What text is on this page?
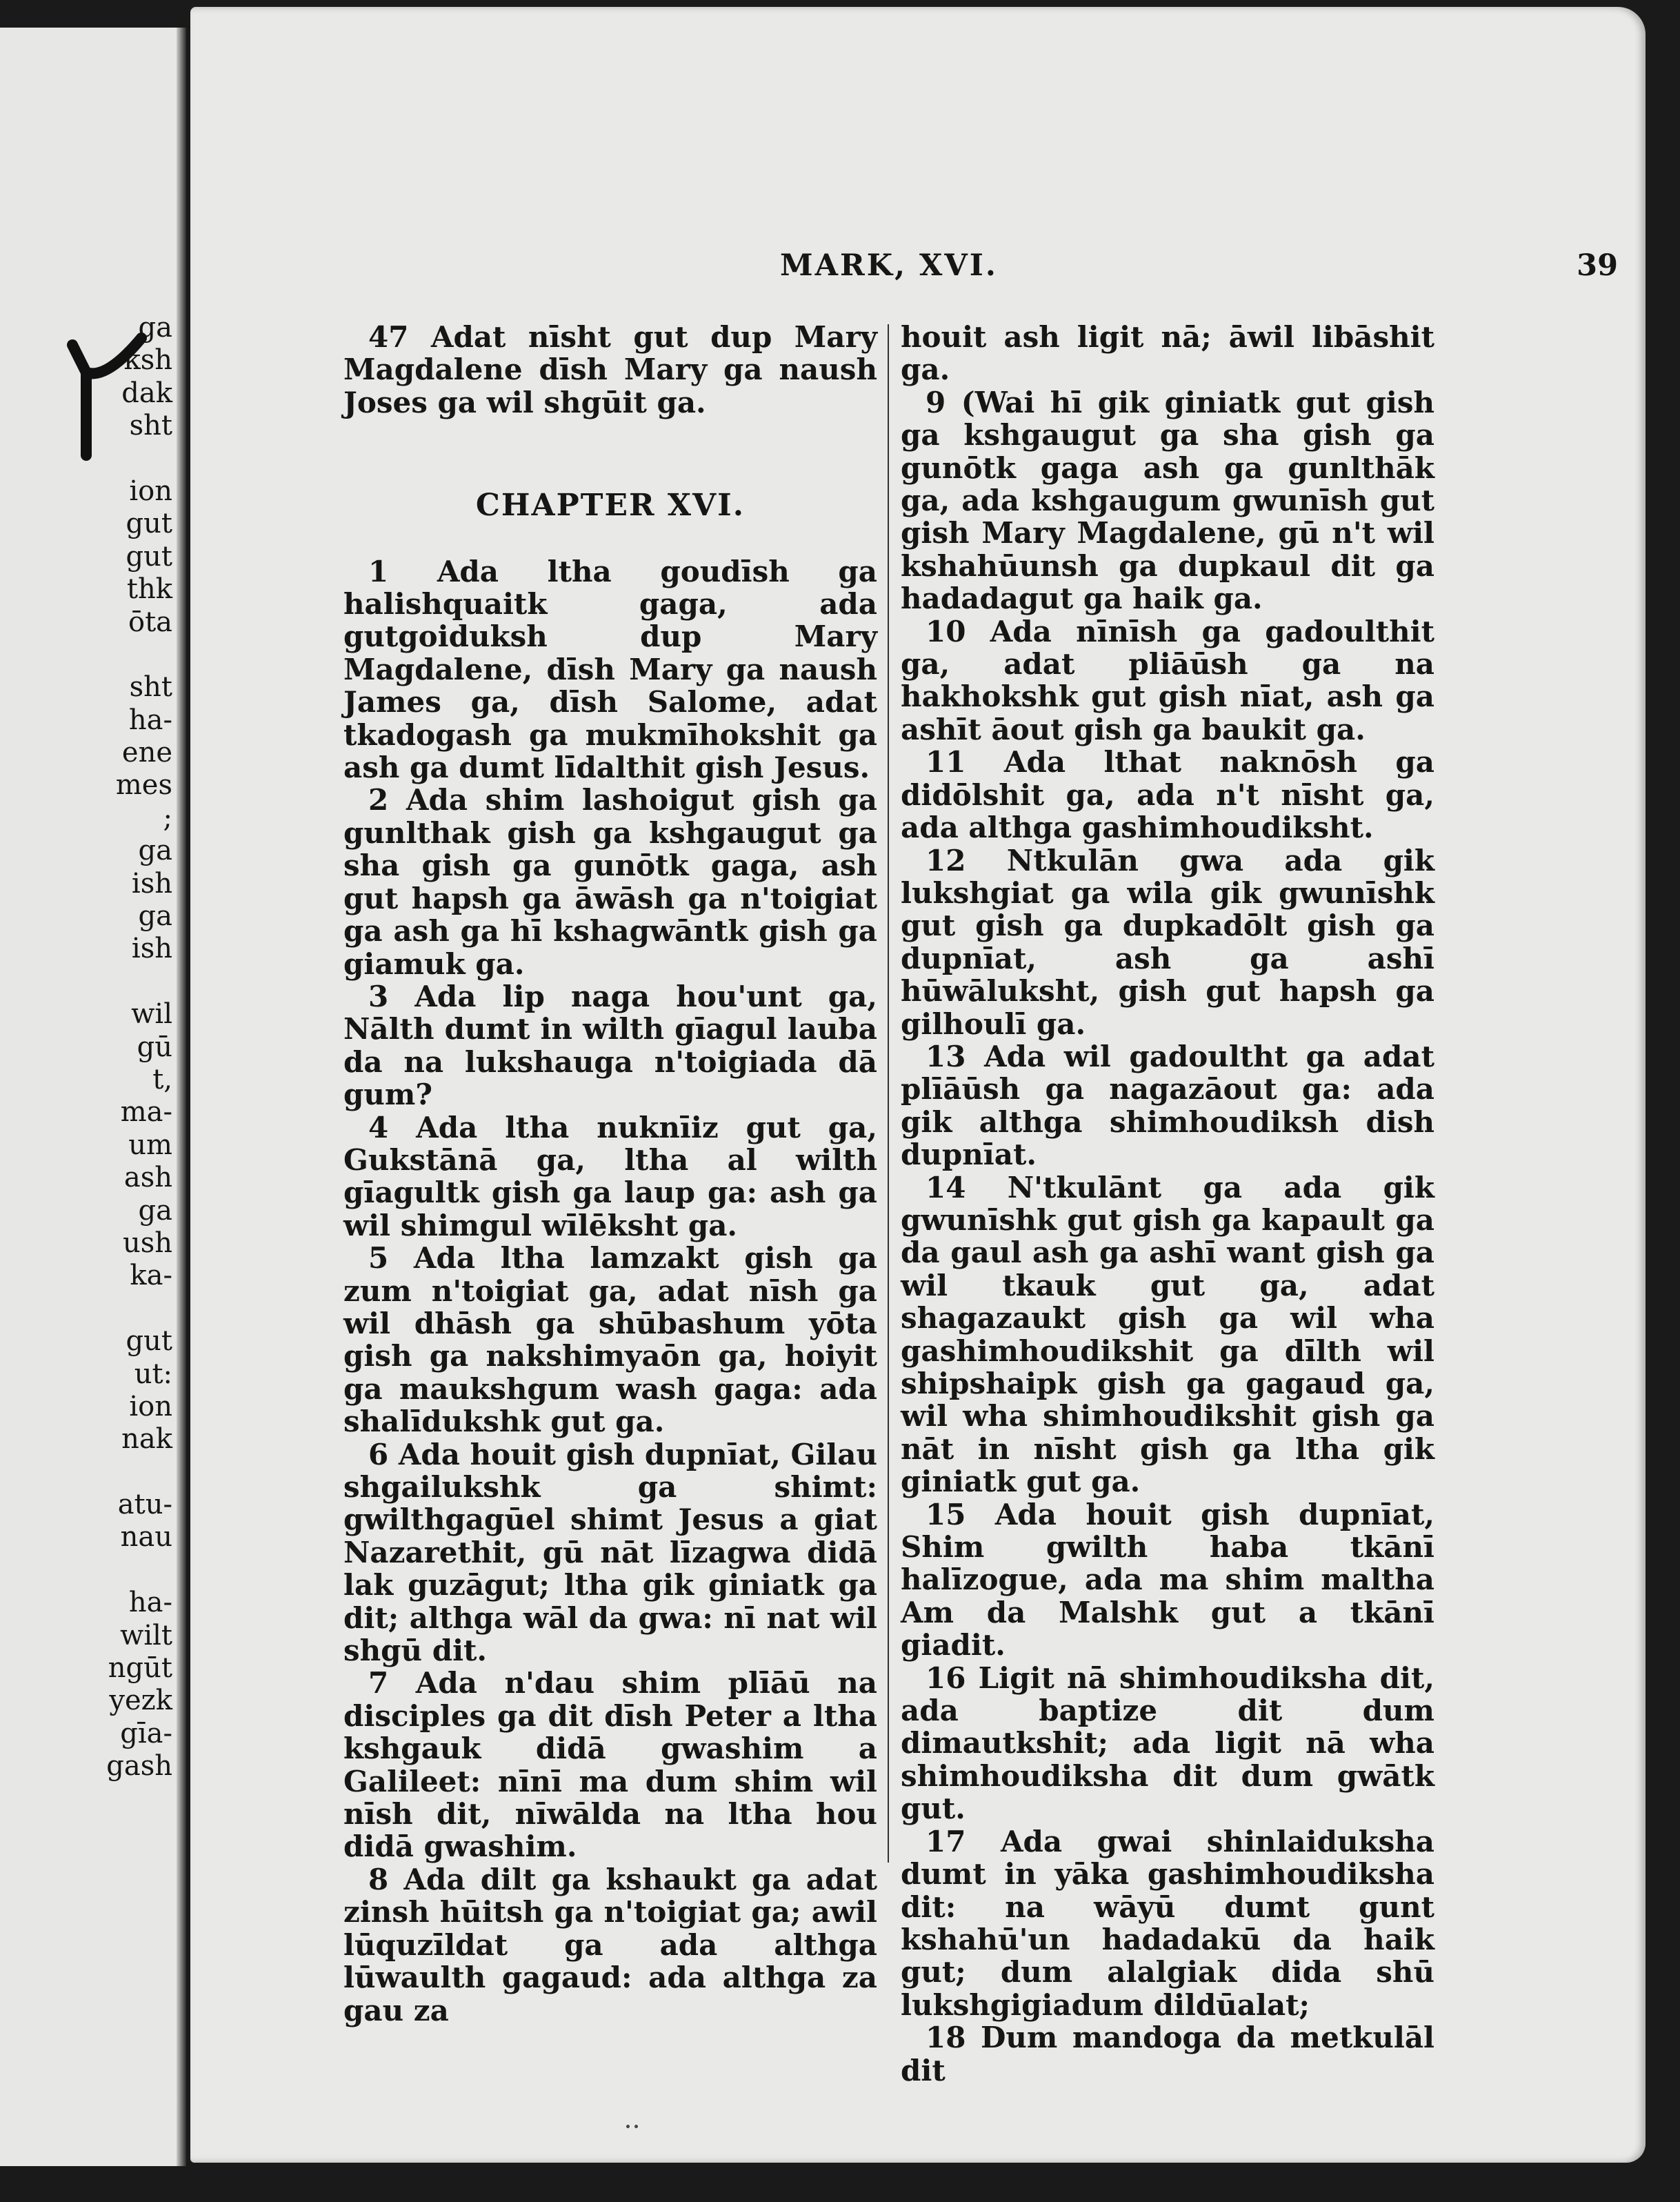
ga
ksh
dak
sht
ion
gut
gut
thk
ōta
sht
ha-
ene
mes
;
ga
ish
ga
ish
wil
gū
t,
ma-
um
ash
ga
ush
ka-
gut
ut:
ion
nak
atu-
nau
ha-
wilt
ngūt
yezk
gīa-
gash
MARK, XVI.	39

47 Adat nīsht gut dup Mary Magdalene dīsh Mary ga naush Joses ga wil shgūit ga.

CHAPTER XVI.

1 Ada ltha goudīsh ga halishquaitk gaga, ada gutgoiduksh dup Mary Magdalene, dīsh Mary ga naush James ga, dīsh Salome, adat tkadogash ga mukmīhokshit ga ash ga dumt līdalthit gish Jesus.

2 Ada shim lashoigut gish ga gunlthak gish ga kshgaugut ga sha gish ga gunōtk gaga, ash gut hapsh ga āwāsh ga n'toigiat ga ash ga hī kshagwāntk gish ga giamuk ga.

3 Ada lip naga hou'unt ga, Nālth dumt in wilth gīagul lauba da na lukshauga n'toigiada dā gum?

4 Ada ltha nuknīiz gut ga, Gukstānā ga, ltha al wilth gīagultk gish ga laup ga: ash ga wil shimgul wīlēksht ga.

5 Ada ltha lamzakt gish ga zum n'toigiat ga, adat nīsh ga wil dhāsh ga shūbashum yōta gish ga nakshimyaōn ga, hoiyit ga maukshgum wash gaga: ada shalīdukshk gut ga.

6 Ada houit gish dupnīat, Gilau shgailukshk ga shimt: gwilthgagūel shimt Jesus a giat Nazarethit, gū nāt līzagwa didā lak guzāgut; ltha gik giniatk ga dit; althga wāl da gwa: nī nat wil shgū dit.

7 Ada n'dau shim plīāū na disciples ga dit dīsh Peter a ltha kshgauk didā gwashim a Galileet: nīnī ma dum shim wil nīsh dit, nīwālda na ltha hou didā gwashim.

8 Ada dilt ga kshaukt ga adat zinsh hūitsh ga n'toigiat ga; awil lūquzīldat ga ada althga lūwaulth gagaud: ada althga za gau za

houit ash ligit nā; āwil libāshit ga.

9 (Wai hī gik giniatk gut gish ga kshgaugut ga sha gish ga gunōtk gaga ash ga gunlthāk ga, ada kshgaugum gwunīsh gut gish Mary Magdalene, gū n't wil kshahūunsh ga dupkaul dit ga hadadagut ga haik ga.

10 Ada nīnīsh ga gadoulthit ga, adat pliāūsh ga na hakhokshk gut gish nīat, ash ga ashīt āout gish ga baukit ga.

11 Ada lthat naknōsh ga didōlshit ga, ada n't nīsht ga, ada althga gashimhoudiksht.

12 Ntkulān gwa ada gik lukshgiat ga wila gik gwunīshk gut gish ga dupkadōlt gish ga dupnīat, ash ga ashī hūwāluksht, gish gut hapsh ga gilhoulī ga.

13 Ada wil gadoultht ga adat plīāūsh ga nagazāout ga: ada gik althga shimhoudiksh dish dupnīat.

14 N'tkulānt ga ada gik gwunīshk gut gish ga kapault ga da gaul ash ga ashī want gish ga wil tkauk gut ga, adat shagazaukt gish ga wil wha gashimhoudikshit ga dīlth wil shipshaipk gish ga gagaud ga, wil wha shimhoudikshit gish ga nāt in nīsht gish ga ltha gik giniatk gut ga.

15 Ada houit gish dupnīat, Shim gwilth haba tkānī halīzogue, ada ma shim maltha Am da Malshk gut a tkānī giadit.

16 Ligit nā shimhoudiksha dit, ada baptize dit dum dimautkshit; ada ligit nā wha shimhoudiksha dit dum gwātk gut.

17 Ada gwai shinlaiduksha dumt in yāka gashimhoudiksha dit: na wāyū dumt gunt kshahū'un hadadakū da haik gut; dum alalgiak dida shū lukshgigiadum dildūalat;

18 Dum mandoga da metkulāl dit
